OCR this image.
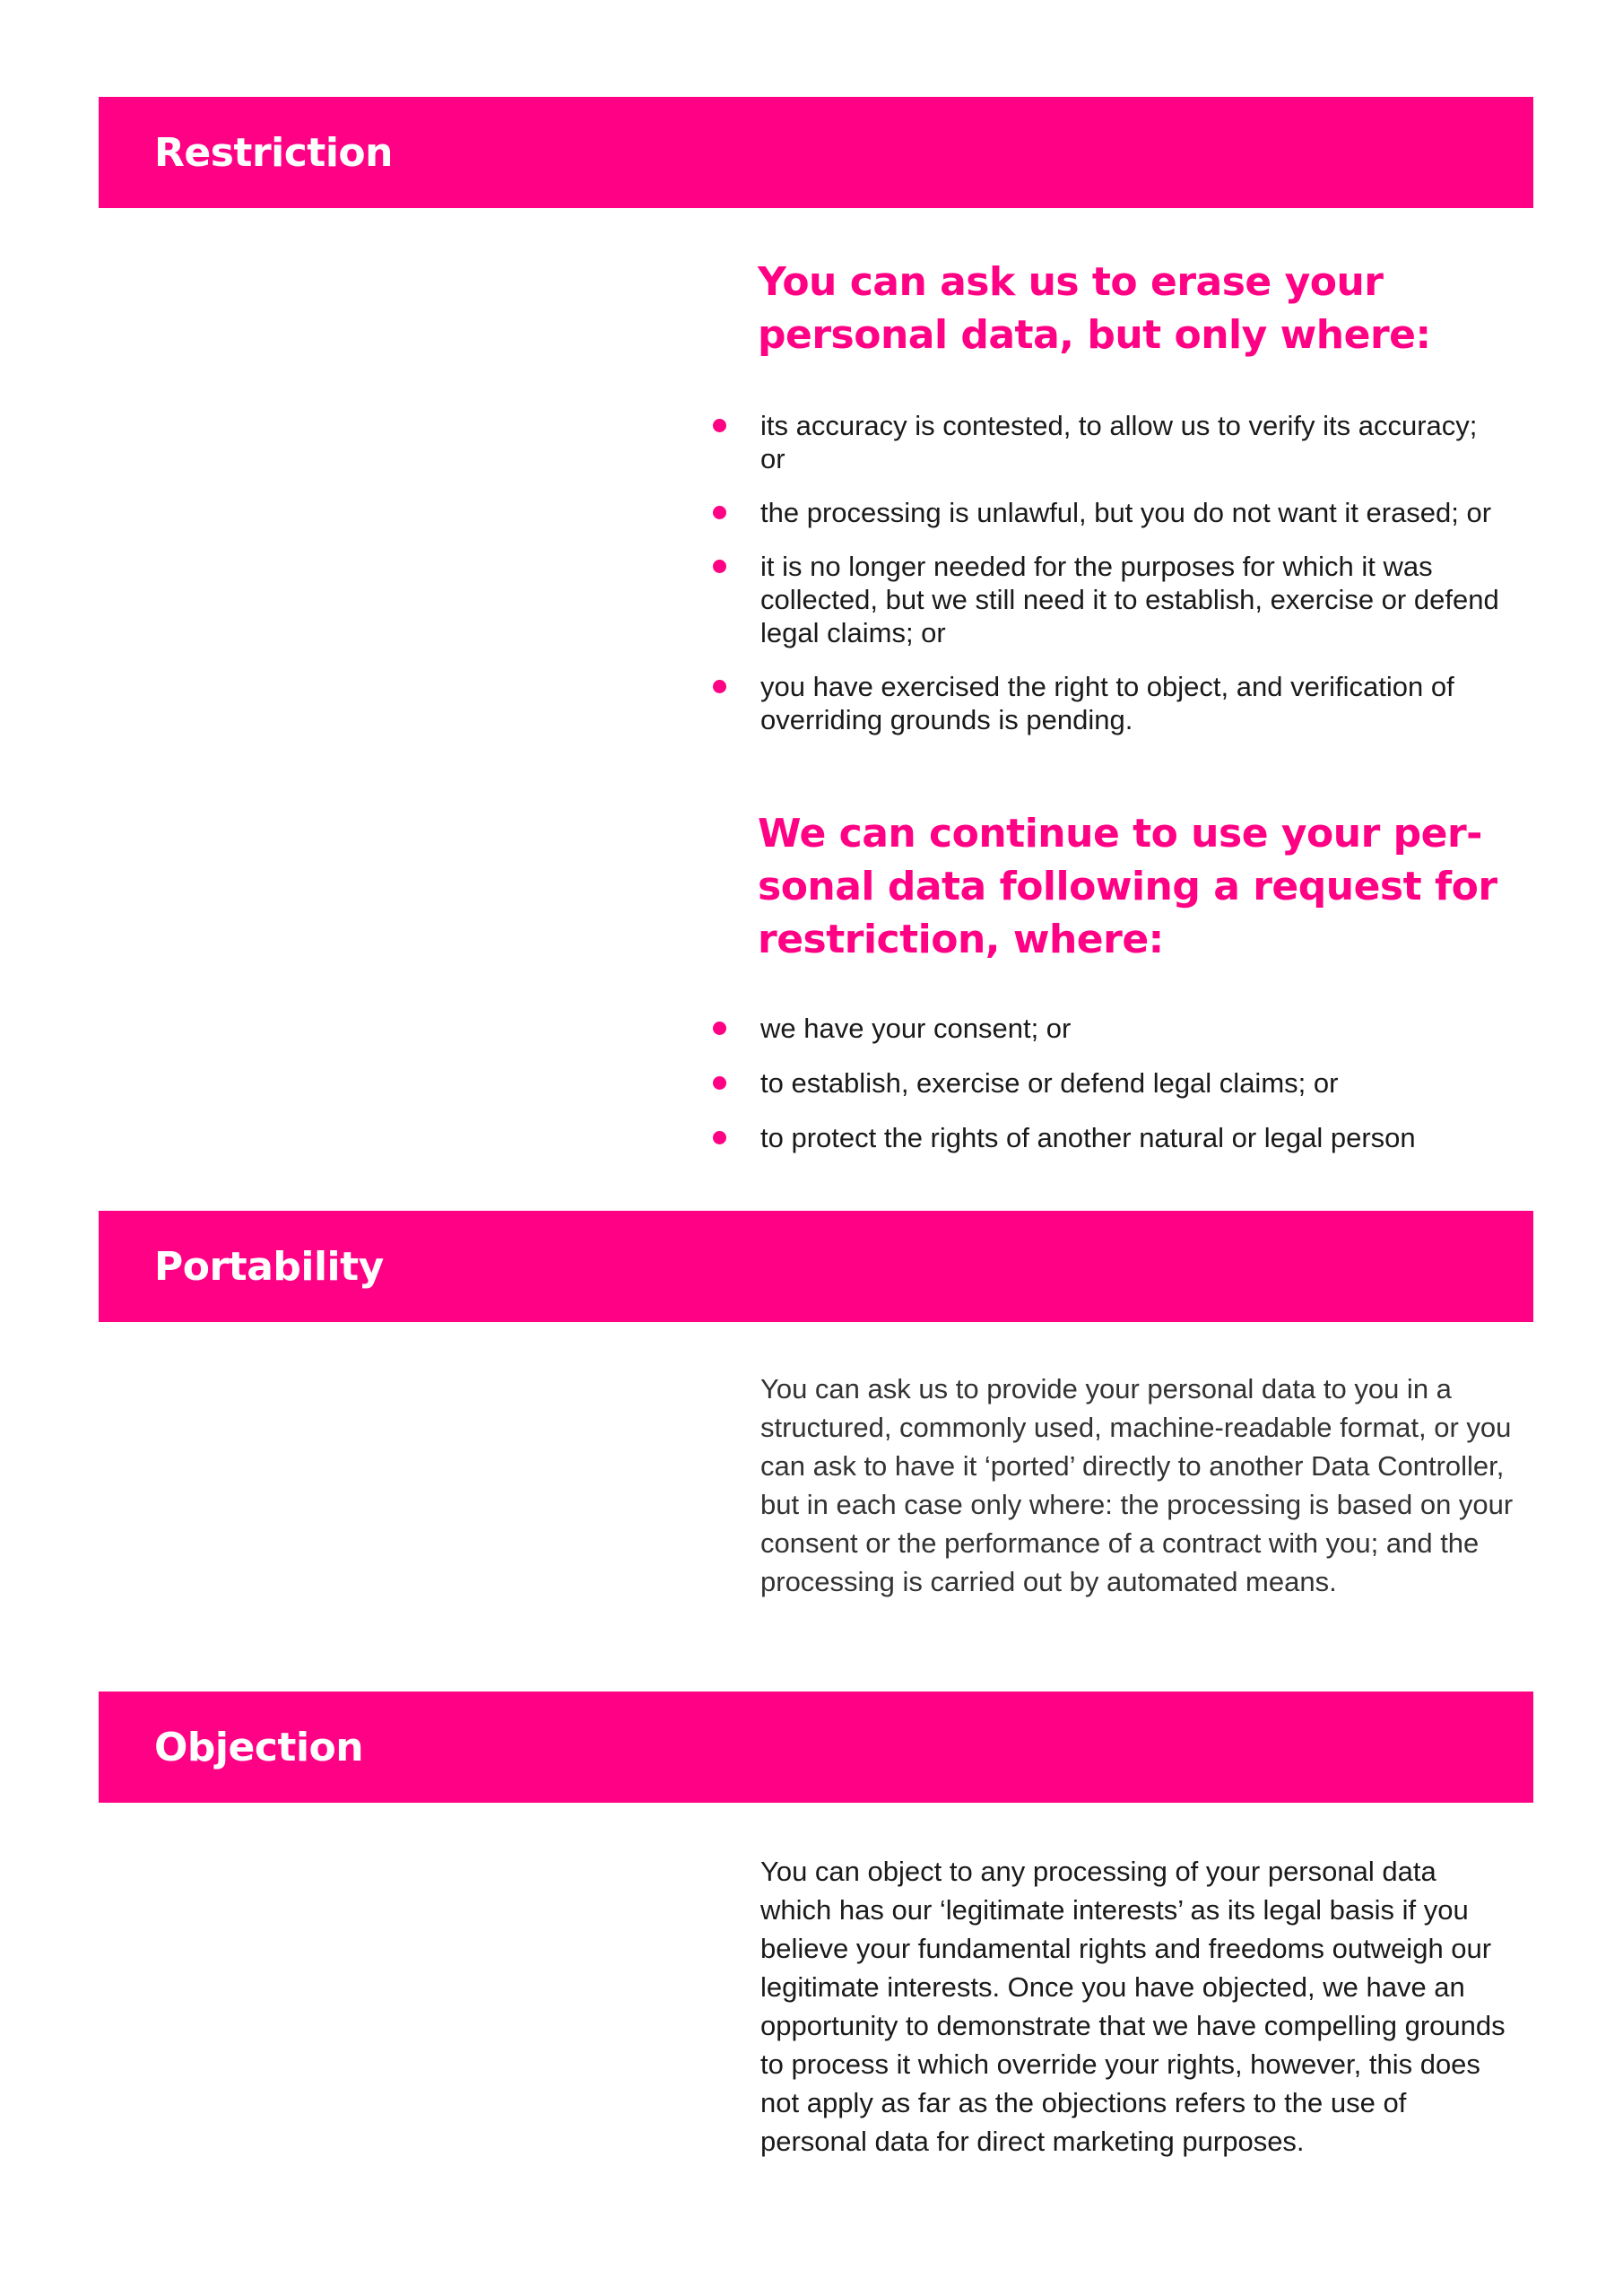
Restriction
You can ask us to erase your personal data, but only where:
its accuracy is contested, to allow us to verify its accuracy; or
the processing is unlawful, but you do not want it erased; or
it is no longer needed for the purposes for which it was collected, but we still need it to establish, exercise or defend legal claims; or
you have exercised the right to object, and verification of overriding grounds is pending.
We can continue to use your per-sonal data following a request for restriction, where:
we have your consent; or
to establish, exercise or defend legal claims; or
to protect the rights of another natural or legal person
Portability

You can ask us to provide your personal data to you in a structured, commonly used, machine-readable format, or you can ask to have it ‘ported’ directly to another Data Controller, but in each case only where: the processing is based on your consent or the performance of a contract with you; and the processing is carried out by automated means.

Objection

You can object to any processing of your personal data which has our ‘legitimate interests’ as its legal basis if you believe your fundamental rights and freedoms outweigh our legitimate interests. Once you have objected, we have an opportunity to demonstrate that we have compelling grounds to process it which override your rights, however, this does not apply as far as the objections refers to the use of personal data for direct marketing purposes.
